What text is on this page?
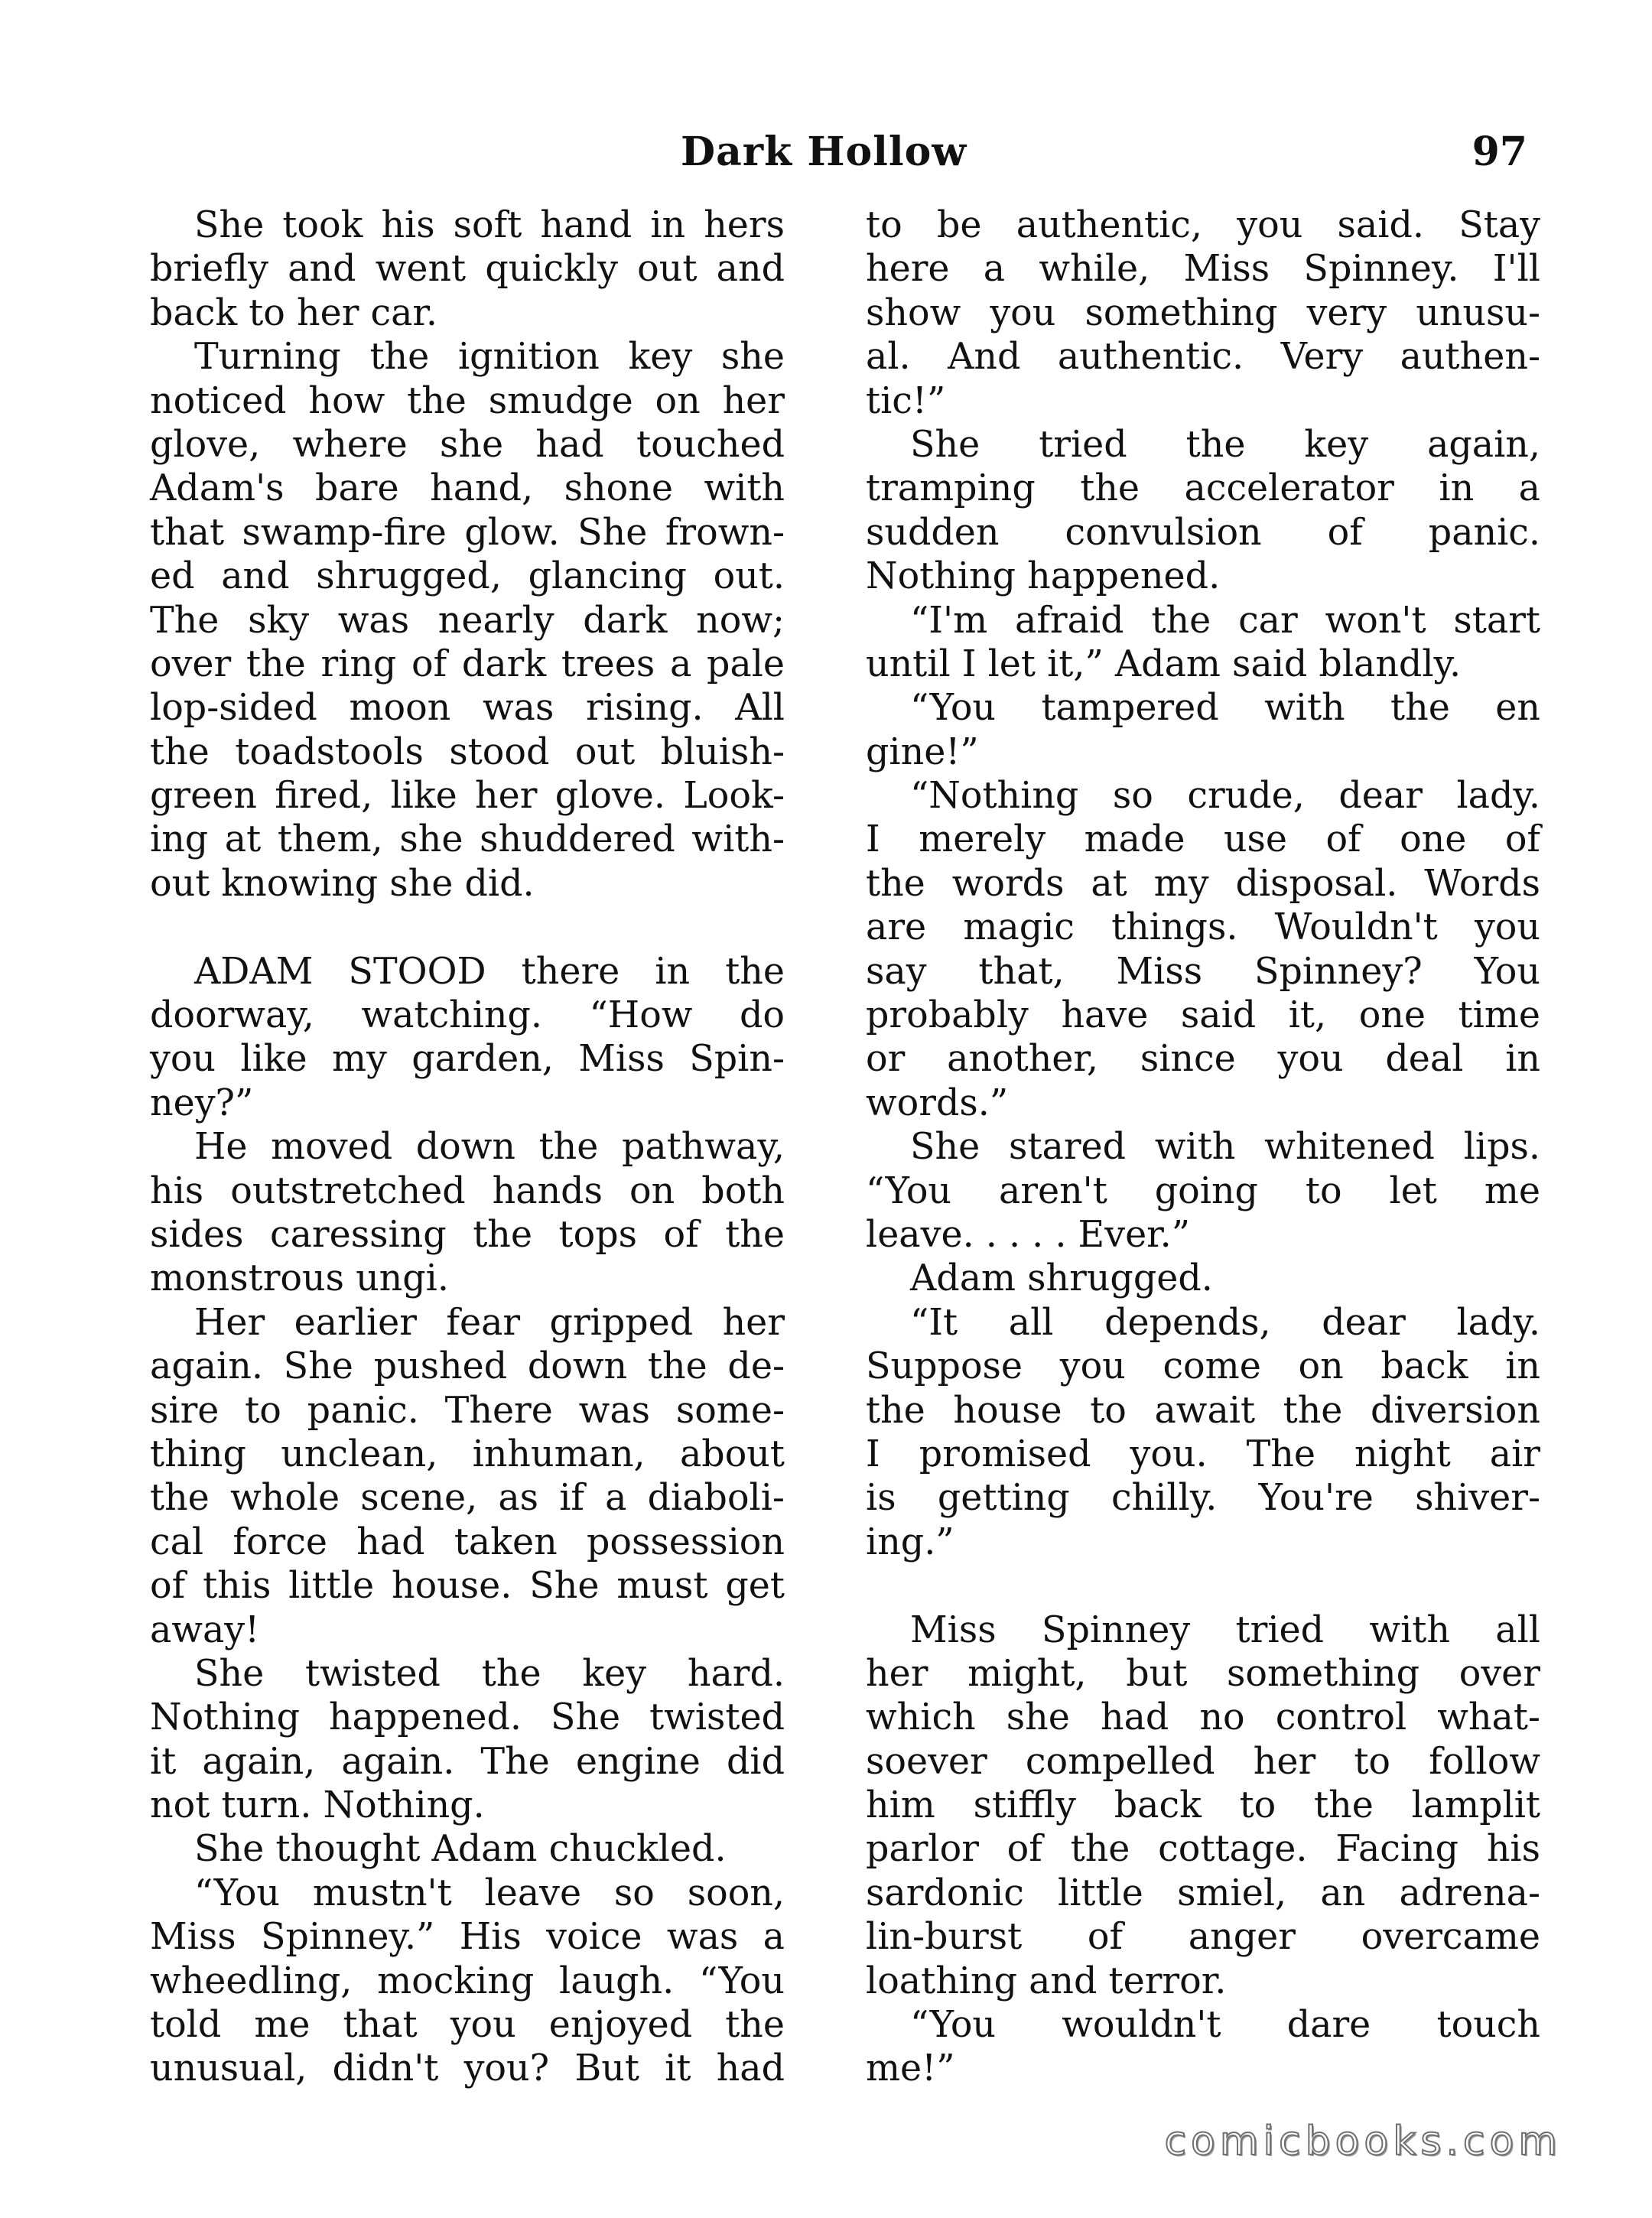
Dark Hollow	97
She took his soft hand in hers
briefly and went quickly out and
back to her car.
Turning the ignition key she
noticed how the smudge on her
glove, where she had touched
Adam's bare hand, shone with
that swamp-fire glow. She frown-
ed and shrugged, glancing out.
The sky was nearly dark now;
over the ring of dark trees a pale
lop-sided moon was rising. All
the toadstools stood out bluish-
green fired, like her glove. Look-
ing at them, she shuddered with-
out knowing she did.
ADAM STOOD there in the
doorway, watching. “How do
you like my garden, Miss Spin-
ney?”
He moved down the pathway,
his outstretched hands on both
sides caressing the tops of the
monstrous ungi.
Her earlier fear gripped her
again. She pushed down the de-
sire to panic. There was some-
thing unclean, inhuman, about
the whole scene, as if a diaboli-
cal force had taken possession
of this little house. She must get
away!
She twisted the key hard.
Nothing happened. She twisted
it again, again. The engine did
not turn. Nothing.
She thought Adam chuckled.
“You mustn't leave so soon,
Miss Spinney.” His voice was a
wheedling, mocking laugh. “You
told me that you enjoyed the
unusual, didn't you? But it had
to be authentic, you said. Stay
here a while, Miss Spinney. I'll
show you something very unusu-
al. And authentic. Very authen-
tic!”
She tried the key again,
tramping the accelerator in a
sudden convulsion of panic.
Nothing happened.
“I'm afraid the car won't start
until I let it,” Adam said blandly.
“You tampered with the en
gine!”
“Nothing so crude, dear lady.
I merely made use of one of
the words at my disposal. Words
are magic things. Wouldn't you
say that, Miss Spinney? You
probably have said it, one time
or another, since you deal in
words.”
She stared with whitened lips.
“You aren't going to let me
leave. . . . . Ever.”
Adam shrugged.
“It all depends, dear lady.
Suppose you come on back in
the house to await the diversion
I promised you. The night air
is getting chilly. You're shiver-
ing.”
Miss Spinney tried with all
her might, but something over
which she had no control what-
soever compelled her to follow
him stiffly back to the lamplit
parlor of the cottage. Facing his
sardonic little smiel, an adrena-
lin-burst of anger overcame
loathing and terror.
“You wouldn't dare touch
me!”
comicbooks.com
